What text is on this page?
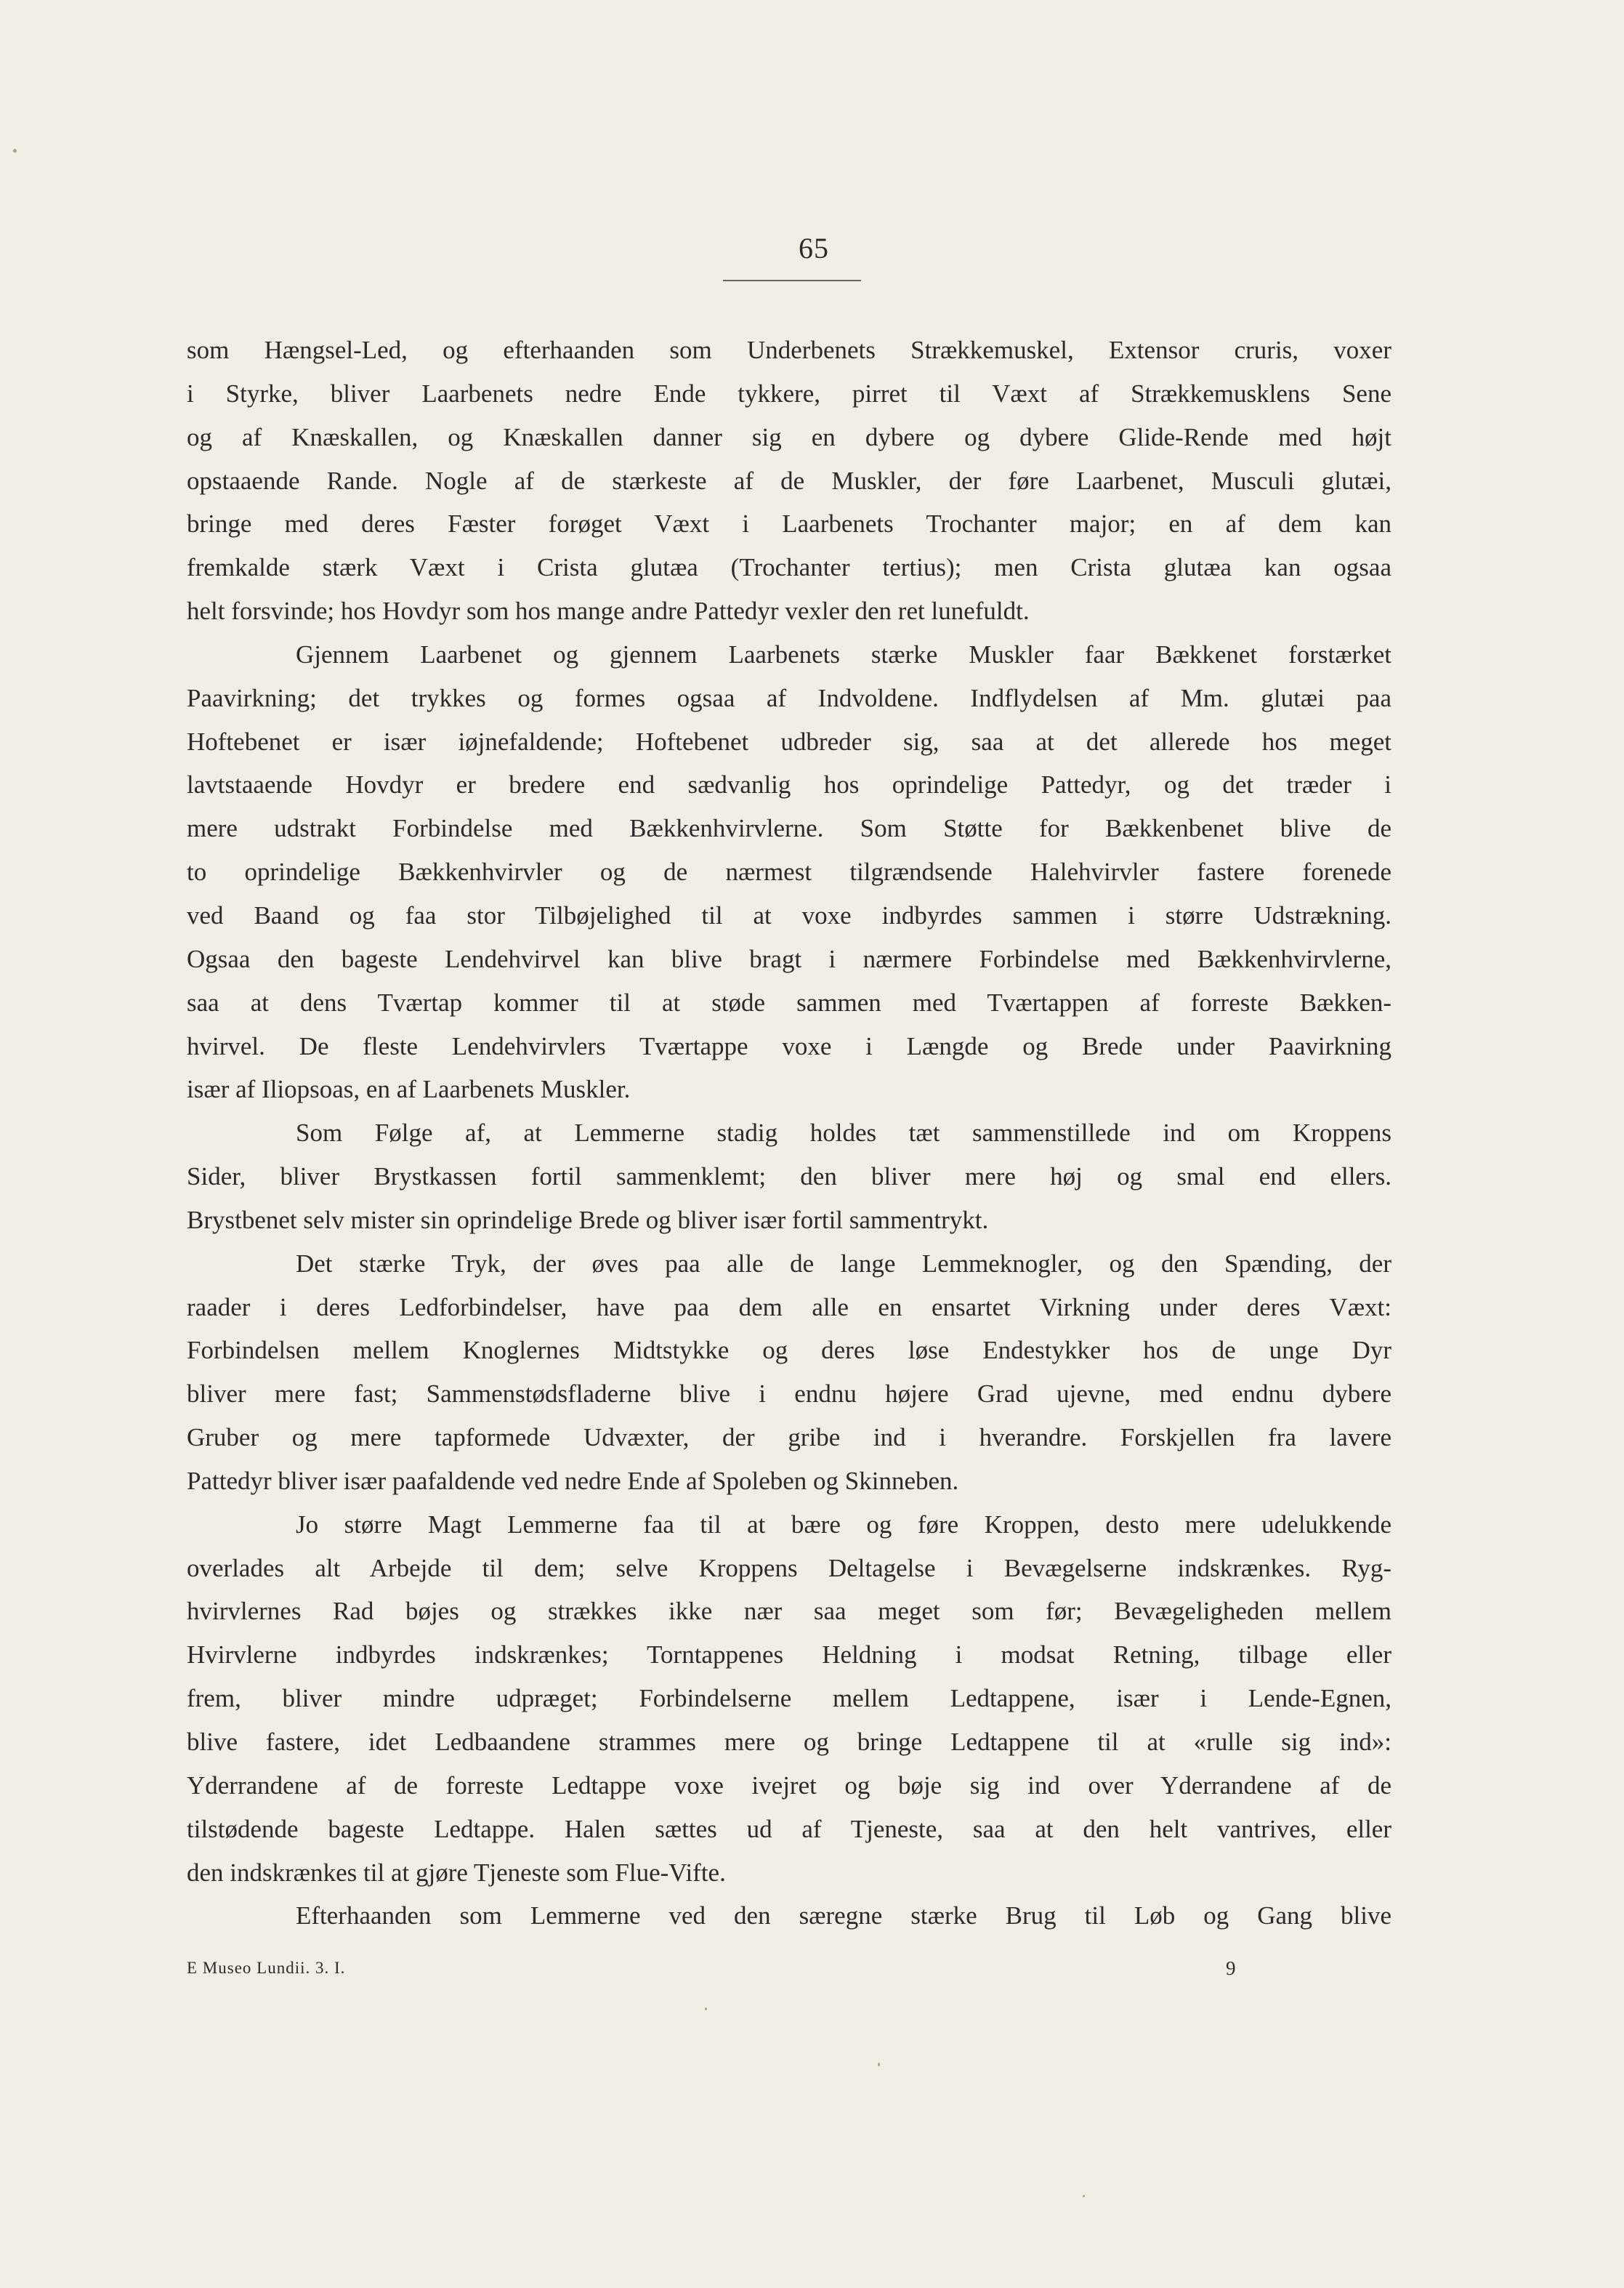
65
som Hængsel-Led, og efterhaanden som Underbenets Strækkemuskel, Extensor cruris, voxer
i Styrke, bliver Laarbenets nedre Ende tykkere, pirret til Væxt af Strækkemusklens Sene
og af Knæskallen, og Knæskallen danner sig en dybere og dybere Glide-Rende med højt
opstaaende Rande. Nogle af de stærkeste af de Muskler, der føre Laarbenet, Musculi glutæi,
bringe med deres Fæster forøget Væxt i Laarbenets Trochanter major; en af dem kan
fremkalde stærk Væxt i Crista glutæa (Trochanter tertius); men Crista glutæa kan ogsaa
helt forsvinde; hos Hovdyr som hos mange andre Pattedyr vexler den ret lunefuldt.
Gjennem Laarbenet og gjennem Laarbenets stærke Muskler faar Bækkenet forstærket
Paavirkning; det trykkes og formes ogsaa af Indvoldene. Indflydelsen af Mm. glutæi paa
Hoftebenet er især iøjnefaldende; Hoftebenet udbreder sig, saa at det allerede hos meget
lavtstaaende Hovdyr er bredere end sædvanlig hos oprindelige Pattedyr, og det træder i
mere udstrakt Forbindelse med Bækkenhvirvlerne. Som Støtte for Bækkenbenet blive de
to oprindelige Bækkenhvirvler og de nærmest tilgrændsende Halehvirvler fastere forenede
ved Baand og faa stor Tilbøjelighed til at voxe indbyrdes sammen i større Udstrækning.
Ogsaa den bageste Lendehvirvel kan blive bragt i nærmere Forbindelse med Bækkenhvirvlerne,
saa at dens Tværtap kommer til at støde sammen med Tværtappen af forreste Bækken-
hvirvel. De fleste Lendehvirvlers Tværtappe voxe i Længde og Brede under Paavirkning
især af Iliopsoas, en af Laarbenets Muskler.
Som Følge af, at Lemmerne stadig holdes tæt sammenstillede ind om Kroppens
Sider, bliver Brystkassen fortil sammenklemt; den bliver mere høj og smal end ellers.
Brystbenet selv mister sin oprindelige Brede og bliver især fortil sammentrykt.
Det stærke Tryk, der øves paa alle de lange Lemmeknogler, og den Spænding, der
raader i deres Ledforbindelser, have paa dem alle en ensartet Virkning under deres Væxt:
Forbindelsen mellem Knoglernes Midtstykke og deres løse Endestykker hos de unge Dyr
bliver mere fast; Sammenstødsfladerne blive i endnu højere Grad ujevne, med endnu dybere
Gruber og mere tapformede Udvæxter, der gribe ind i hverandre. Forskjellen fra lavere
Pattedyr bliver især paafaldende ved nedre Ende af Spoleben og Skinneben.
Jo større Magt Lemmerne faa til at bære og føre Kroppen, desto mere udelukkende
overlades alt Arbejde til dem; selve Kroppens Deltagelse i Bevægelserne indskrænkes. Ryg-
hvirvlernes Rad bøjes og strækkes ikke nær saa meget som før; Bevægeligheden mellem
Hvirvlerne indbyrdes indskrænkes; Torntappenes Heldning i modsat Retning, tilbage eller
frem, bliver mindre udpræget; Forbindelserne mellem Ledtappene, især i Lende-Egnen,
blive fastere, idet Ledbaandene strammes mere og bringe Ledtappene til at «rulle sig ind»:
Yderrandene af de forreste Ledtappe voxe ivejret og bøje sig ind over Yderrandene af de
tilstødende bageste Ledtappe. Halen sættes ud af Tjeneste, saa at den helt vantrives, eller
den indskrænkes til at gjøre Tjeneste som Flue-Vifte.
Efterhaanden som Lemmerne ved den særegne stærke Brug til Løb og Gang blive
E Museo Lundii. 3. I.	9
